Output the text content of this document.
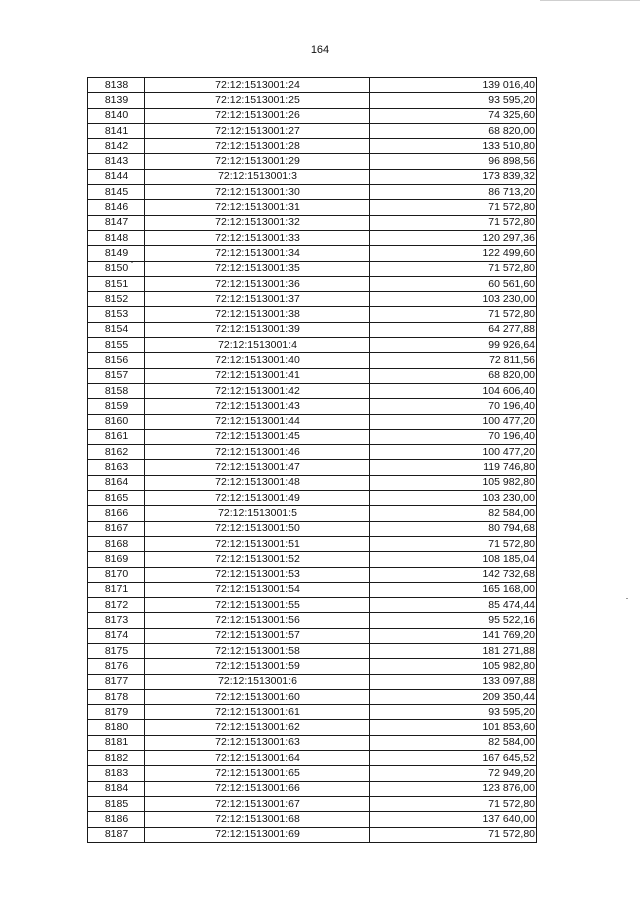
164
8138	72:12:1513001:24	139 016,40
8139	72:12:1513001:25	93 595,20
8140	72:12:1513001:26	74 325,60
8141	72:12:1513001:27	68 820,00
8142	72:12:1513001:28	133 510,80
8143	72:12:1513001:29	96 898,56
8144	72:12:1513001:3	173 839,32
8145	72:12:1513001:30	86 713,20
8146	72:12:1513001:31	71 572,80
8147	72:12:1513001:32	71 572,80
8148	72:12:1513001:33	120 297,36
8149	72:12:1513001:34	122 499,60
8150	72:12:1513001:35	71 572,80
8151	72:12:1513001:36	60 561,60
8152	72:12:1513001:37	103 230,00
8153	72:12:1513001:38	71 572,80
8154	72:12:1513001:39	64 277,88
8155	72:12:1513001:4	99 926,64
8156	72:12:1513001:40	72 811,56
8157	72:12:1513001:41	68 820,00
8158	72:12:1513001:42	104 606,40
8159	72:12:1513001:43	70 196,40
8160	72:12:1513001:44	100 477,20
8161	72:12:1513001:45	70 196,40
8162	72:12:1513001:46	100 477,20
8163	72:12:1513001:47	119 746,80
8164	72:12:1513001:48	105 982,80
8165	72:12:1513001:49	103 230,00
8166	72:12:1513001:5	82 584,00
8167	72:12:1513001:50	80 794,68
8168	72:12:1513001:51	71 572,80
8169	72:12:1513001:52	108 185,04
8170	72:12:1513001:53	142 732,68
8171	72:12:1513001:54	165 168,00
8172	72:12:1513001:55	85 474,44
8173	72:12:1513001:56	95 522,16
8174	72:12:1513001:57	141 769,20
8175	72:12:1513001:58	181 271,88
8176	72:12:1513001:59	105 982,80
8177	72:12:1513001:6	133 097,88
8178	72:12:1513001:60	209 350,44
8179	72:12:1513001:61	93 595,20
8180	72:12:1513001:62	101 853,60
8181	72:12:1513001:63	82 584,00
8182	72:12:1513001:64	167 645,52
8183	72:12:1513001:65	72 949,20
8184	72:12:1513001:66	123 876,00
8185	72:12:1513001:67	71 572,80
8186	72:12:1513001:68	137 640,00
8187	72:12:1513001:69	71 572,80
